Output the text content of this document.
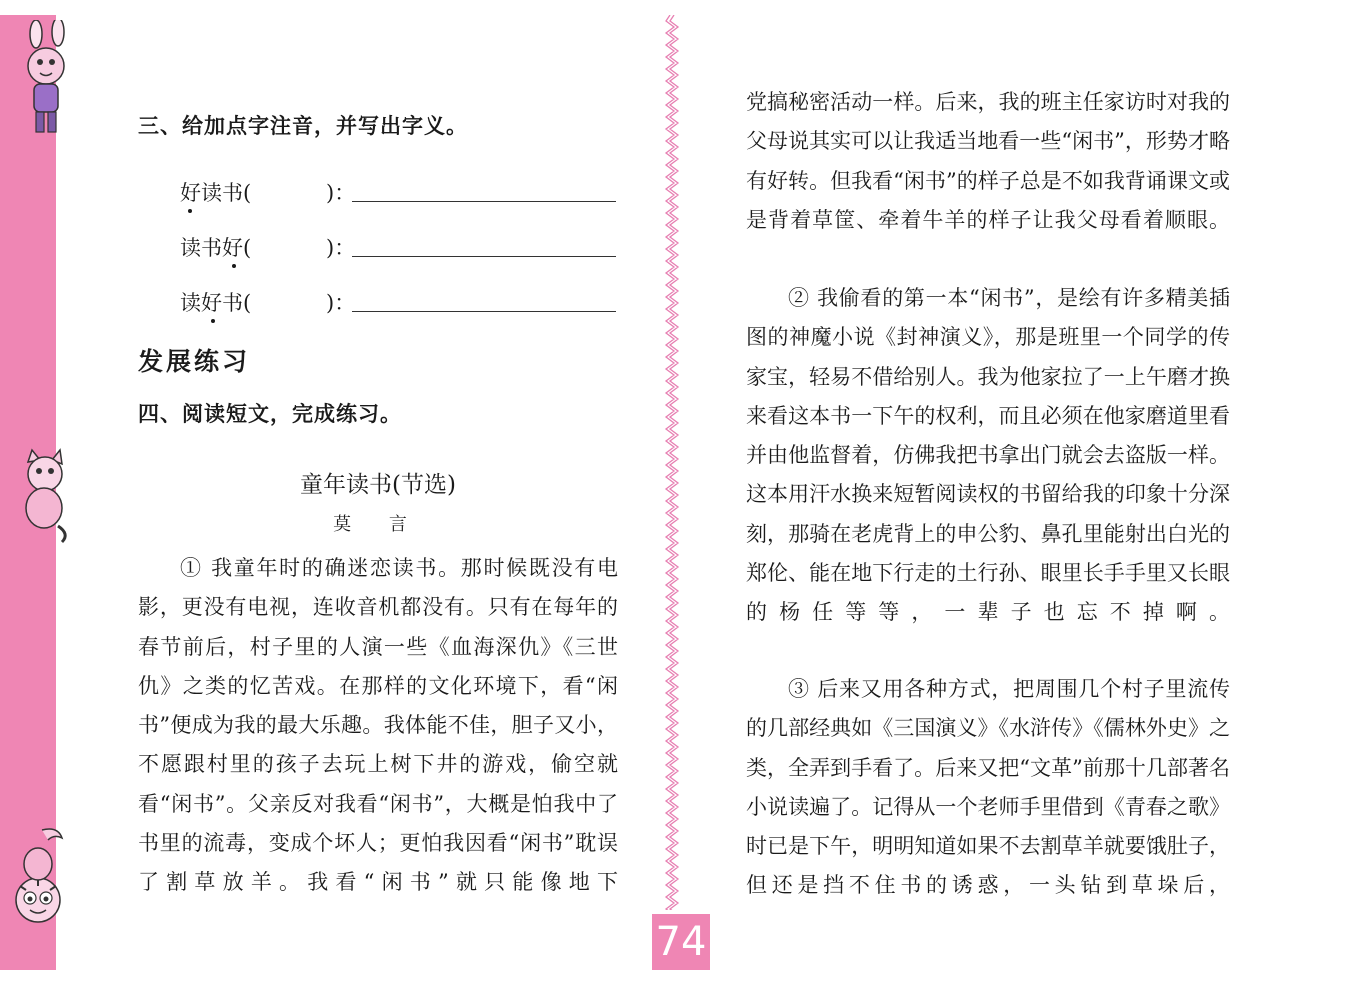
三、给加点字注音，并写出字义。
好读书(	)：
读书好(	)：
读好书(	)：
发展练习
四、阅读短文，完成练习。
童年读书(节选)
莫 言
① 我童年时的确迷恋读书。那时候既没有电影，更没有电视，连收音机都没有。只有在每年的春节前后，村子里的人演一些《血海深仇》《三世仇》之类的忆苦戏。在那样的文化环境下，看“闲书”便成为我的最大乐趣。我体能不佳，胆子又小，不愿跟村里的孩子去玩上树下井的游戏，偷空就看“闲书”。父亲反对我看“闲书”，大概是怕我中了书里的流毒，变成个坏人；更怕我因看“闲书”耽误了割草放羊。我看“闲书”就只能像地下
党搞秘密活动一样。后来，我的班主任家访时对我的父母说其实可以让我适当地看一些“闲书”，形势才略有好转。但我看“闲书”的样子总是不如我背诵课文或是背着草筐、牵着牛羊的样子让我父母看着顺眼。
② 我偷看的第一本“闲书”，是绘有许多精美插图的神魔小说《封神演义》，那是班里一个同学的传家宝，轻易不借给别人。我为他家拉了一上午磨才换来看这本书一下午的权利，而且必须在他家磨道里看并由他监督着，仿佛我把书拿出门就会去盗版一样。这本用汗水换来短暂阅读权的书留给我的印象十分深刻，那骑在老虎背上的申公豹、鼻孔里能射出白光的郑伦、能在地下行走的土行孙、眼里长手手里又长眼的杨任等等，一辈子也忘不掉啊。
③ 后来又用各种方式，把周围几个村子里流传的几部经典如《三国演义》《水浒传》《儒林外史》之类，全弄到手看了。后来又把“文革”前那十几部著名小说读遍了。记得从一个老师手里借到《青春之歌》时已是下午，明明知道如果不去割草羊就要饿肚子，但还是挡不住书的诱惑，一头钻到草垛后，
74
